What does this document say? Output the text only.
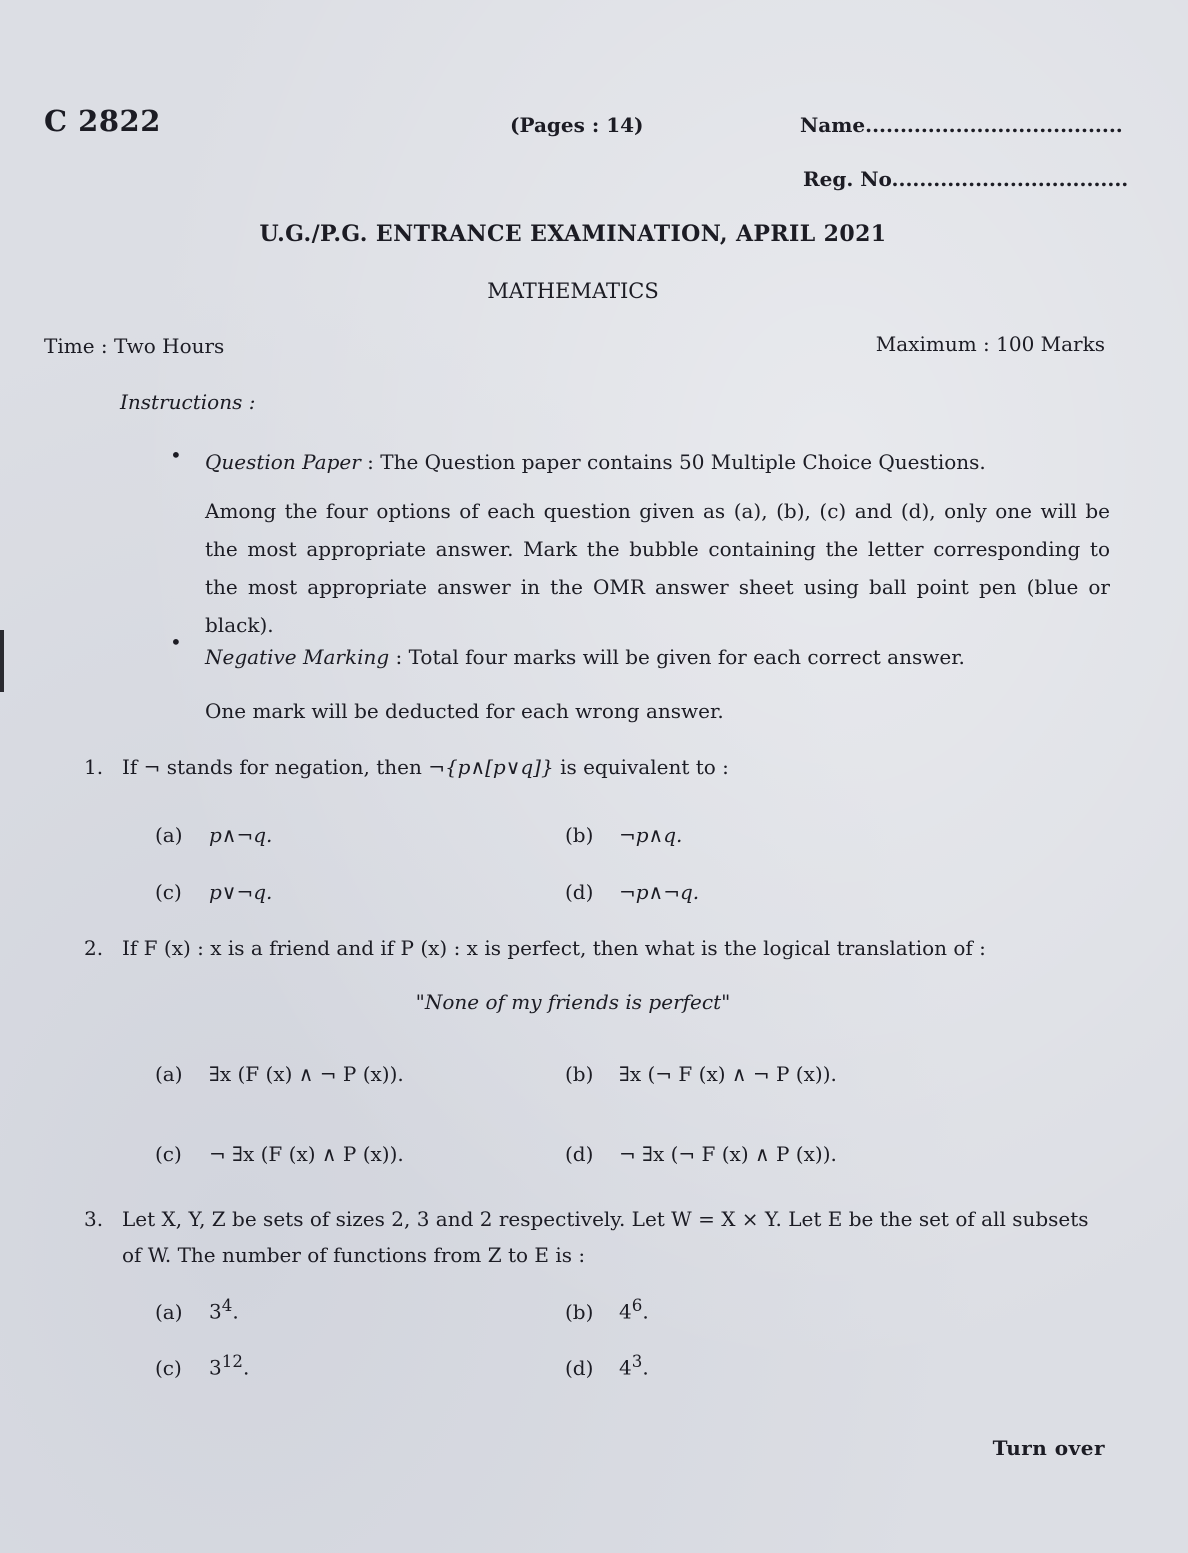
C 2822	(Pages : 14)	Name.....................................
Reg. No..................................
U.G./P.G. ENTRANCE EXAMINATION, APRIL 2021
MATHEMATICS
Time : Two Hours	Maximum : 100 Marks
Instructions :
• Question Paper : The Question paper contains 50 Multiple Choice Questions.
Among the four options of each question given as (a), (b), (c) and (d), only one will be the most appropriate answer. Mark the bubble containing the letter corresponding to the most appropriate answer in the OMR answer sheet using ball point pen (blue or black).
•
Negative Marking : Total four marks will be given for each correct answer.
One mark will be deducted for each wrong answer.
1. If ¬ stands for negation, then ¬{p∧[p∨q]} is equivalent to :
(a) p∧¬q.	(b) ¬p∧q.
(c) p∨¬q.	(d) ¬p∧¬q.
2. If F (x) : x is a friend and if P (x) : x is perfect, then what is the logical translation of :
"None of my friends is perfect"
(a) ∃x (F (x) ∧ ¬ P (x)).	(b) ∃x (¬ F (x) ∧ ¬ P (x)).
(c) ¬ ∃x (F (x) ∧ P (x)).	(d) ¬ ∃x (¬ F (x) ∧ P (x)).
3. Let X, Y, Z be sets of sizes 2, 3 and 2 respectively. Let W = X × Y. Let E be the set of all subsets
of W. The number of functions from Z to E is :
(a) $3^4$.	(b) $4^6$.
(c) $3^{12}$.	(d) $4^3$.
Turn over
